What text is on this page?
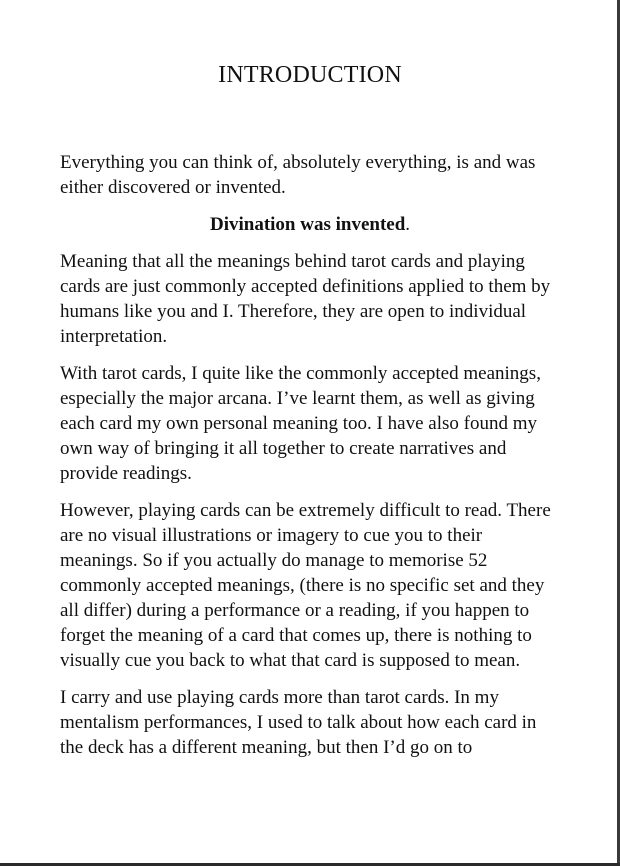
INTRODUCTION

Everything you can think of, absolutely everything, is and was either discovered or invented.

Divination was invented.

Meaning that all the meanings behind tarot cards and playing cards are just commonly accepted definitions applied to them by humans like you and I. Therefore, they are open to individual interpretation.

With tarot cards, I quite like the commonly accepted meanings, especially the major arcana. I’ve learnt them, as well as giving each card my own personal meaning too. I have also found my own way of bringing it all together to create narratives and provide readings.

However, playing cards can be extremely difficult to read. There are no visual illustrations or imagery to cue you to their meanings. So if you actually do manage to memorise 52 commonly accepted meanings, (there is no specific set and they all differ) during a performance or a reading, if you happen to forget the meaning of a card that comes up, there is nothing to visually cue you back to what that card is supposed to mean.

I carry and use playing cards more than tarot cards. In my mentalism performances, I used to talk about how each card in the deck has a different meaning, but then I’d go on to
